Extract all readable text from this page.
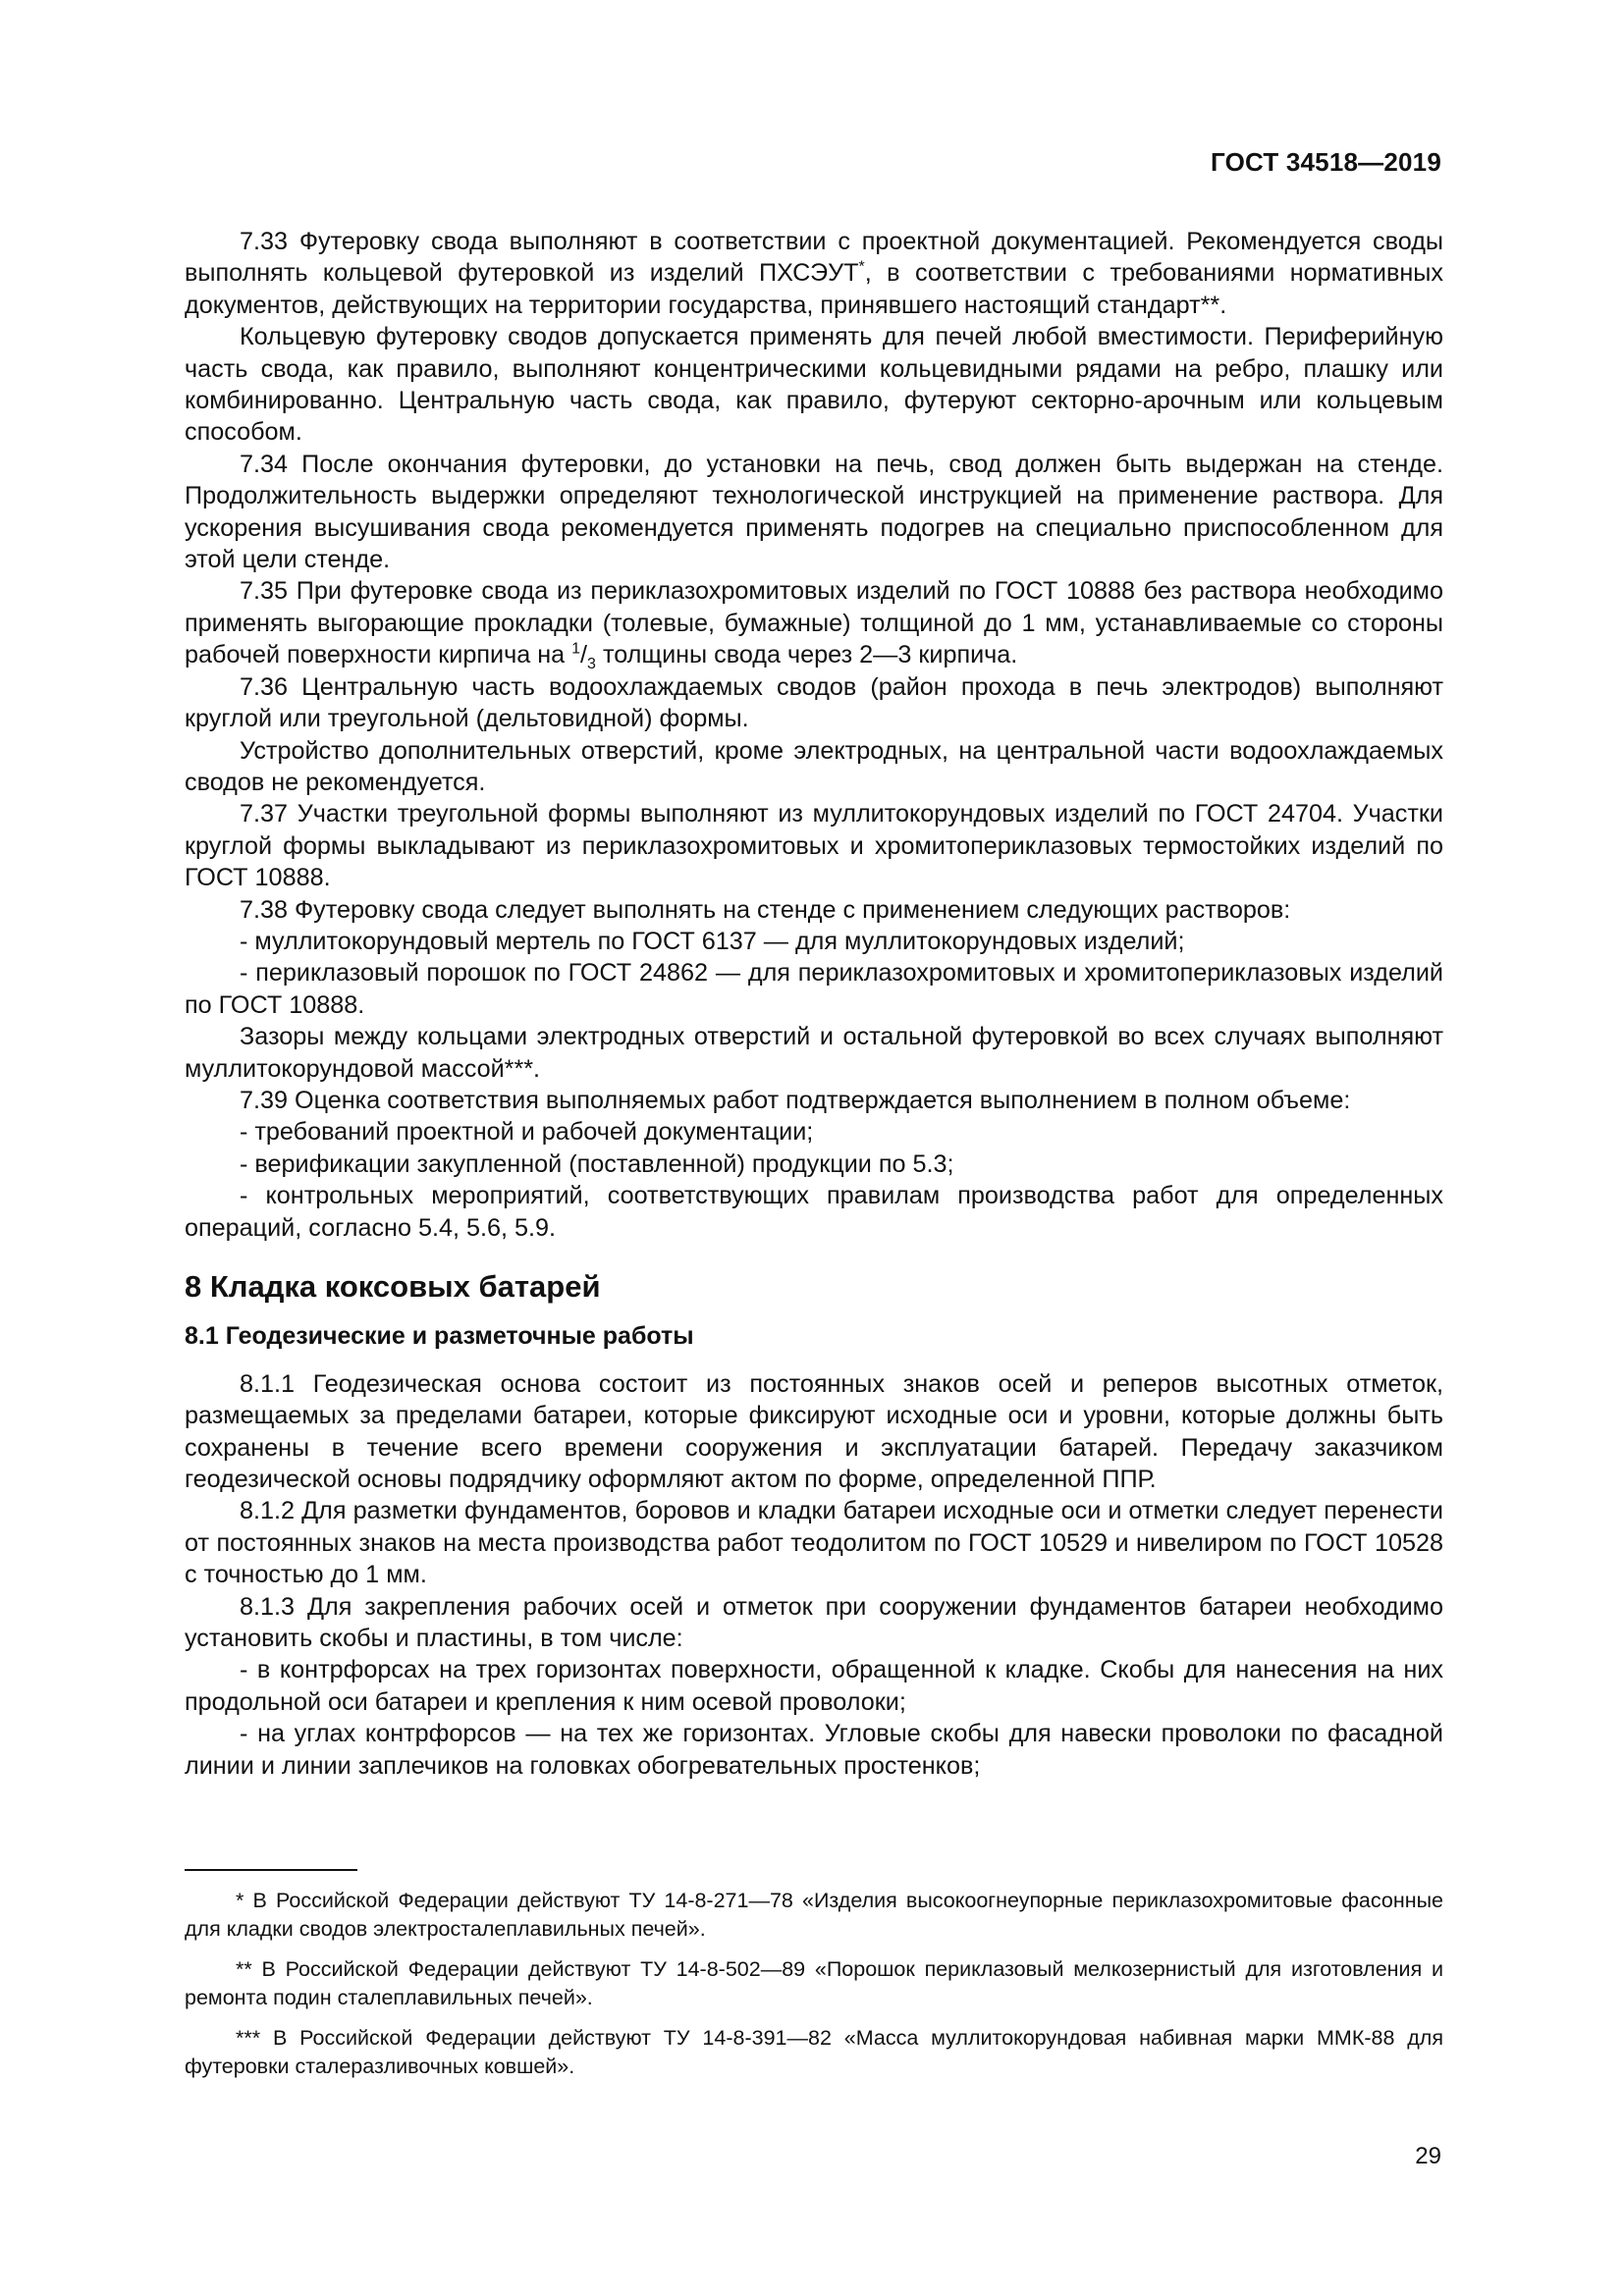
ГОСТ 34518—2019

7.33 Футеровку свода выполняют в соответствии с проектной документацией. Рекомендуется своды выполнять кольцевой футеровкой из изделий ПХСЭУТ*, в соответствии с требованиями нормативных документов, действующих на территории государства, принявшего настоящий стандарт**.

Кольцевую футеровку сводов допускается применять для печей любой вместимости. Периферийную часть свода, как правило, выполняют концентрическими кольцевидными рядами на ребро, плашку или комбинированно. Центральную часть свода, как правило, футеруют секторно-арочным или кольцевым способом.

7.34 После окончания футеровки, до установки на печь, свод должен быть выдержан на стенде. Продолжительность выдержки определяют технологической инструкцией на применение раствора. Для ускорения высушивания свода рекомендуется применять подогрев на специально приспособленном для этой цели стенде.

7.35 При футеровке свода из периклазохромитовых изделий по ГОСТ 10888 без раствора необходимо применять выгорающие прокладки (толевые, бумажные) толщиной до 1 мм, устанавливаемые со стороны рабочей поверхности кирпича на $^1/_3$ толщины свода через 2—3 кирпича.

7.36 Центральную часть водоохлаждаемых сводов (район прохода в печь электродов) выполняют круглой или треугольной (дельтовидной) формы.

Устройство дополнительных отверстий, кроме электродных, на центральной части водоохлаждаемых сводов не рекомендуется.

7.37 Участки треугольной формы выполняют из муллитокорундовых изделий по ГОСТ 24704. Участки круглой формы выкладывают из периклазохромитовых и хромитопериклазовых термостойких изделий по ГОСТ 10888.

7.38 Футеровку свода следует выполнять на стенде с применением следующих растворов:

- муллитокорундовый мертель по ГОСТ 6137 — для муллитокорундовых изделий;

- периклазовый порошок по ГОСТ 24862 — для периклазохромитовых и хромитопериклазовых изделий по ГОСТ 10888.

Зазоры между кольцами электродных отверстий и остальной футеровкой во всех случаях выполняют муллитокорундовой массой***.

7.39 Оценка соответствия выполняемых работ подтверждается выполнением в полном объеме:

- требований проектной и рабочей документации;

- верификации закупленной (поставленной) продукции по 5.3;

- контрольных мероприятий, соответствующих правилам производства работ для определенных операций, согласно 5.4, 5.6, 5.9.

8 Кладка коксовых батарей

8.1 Геодезические и разметочные работы

8.1.1 Геодезическая основа состоит из постоянных знаков осей и реперов высотных отметок, размещаемых за пределами батареи, которые фиксируют исходные оси и уровни, которые должны быть сохранены в течение всего времени сооружения и эксплуатации батарей. Передачу заказчиком геодезической основы подрядчику оформляют актом по форме, определенной ППР.

8.1.2 Для разметки фундаментов, боровов и кладки батареи исходные оси и отметки следует перенести от постоянных знаков на места производства работ теодолитом по ГОСТ 10529 и нивелиром по ГОСТ 10528 с точностью до 1 мм.

8.1.3 Для закрепления рабочих осей и отметок при сооружении фундаментов батареи необходимо установить скобы и пластины, в том числе:

- в контрфорсах на трех горизонтах поверхности, обращенной к кладке. Скобы для нанесения на них продольной оси батареи и крепления к ним осевой проволоки;

- на углах контрфорсов — на тех же горизонтах. Угловые скобы для навески проволоки по фасадной линии и линии заплечиков на головках обогревательных простенков;

* В Российской Федерации действуют ТУ 14-8-271—78 «Изделия высокоогнеупорные периклазохромитовые фасонные для кладки сводов электросталеплавильных печей».

** В Российской Федерации действуют ТУ 14-8-502—89 «Порошок периклазовый мелкозернистый для изготовления и ремонта подин сталеплавильных печей».

*** В Российской Федерации действуют ТУ 14-8-391—82 «Масса муллитокорундовая набивная марки ММК-88 для футеровки сталеразливочных ковшей».

29
